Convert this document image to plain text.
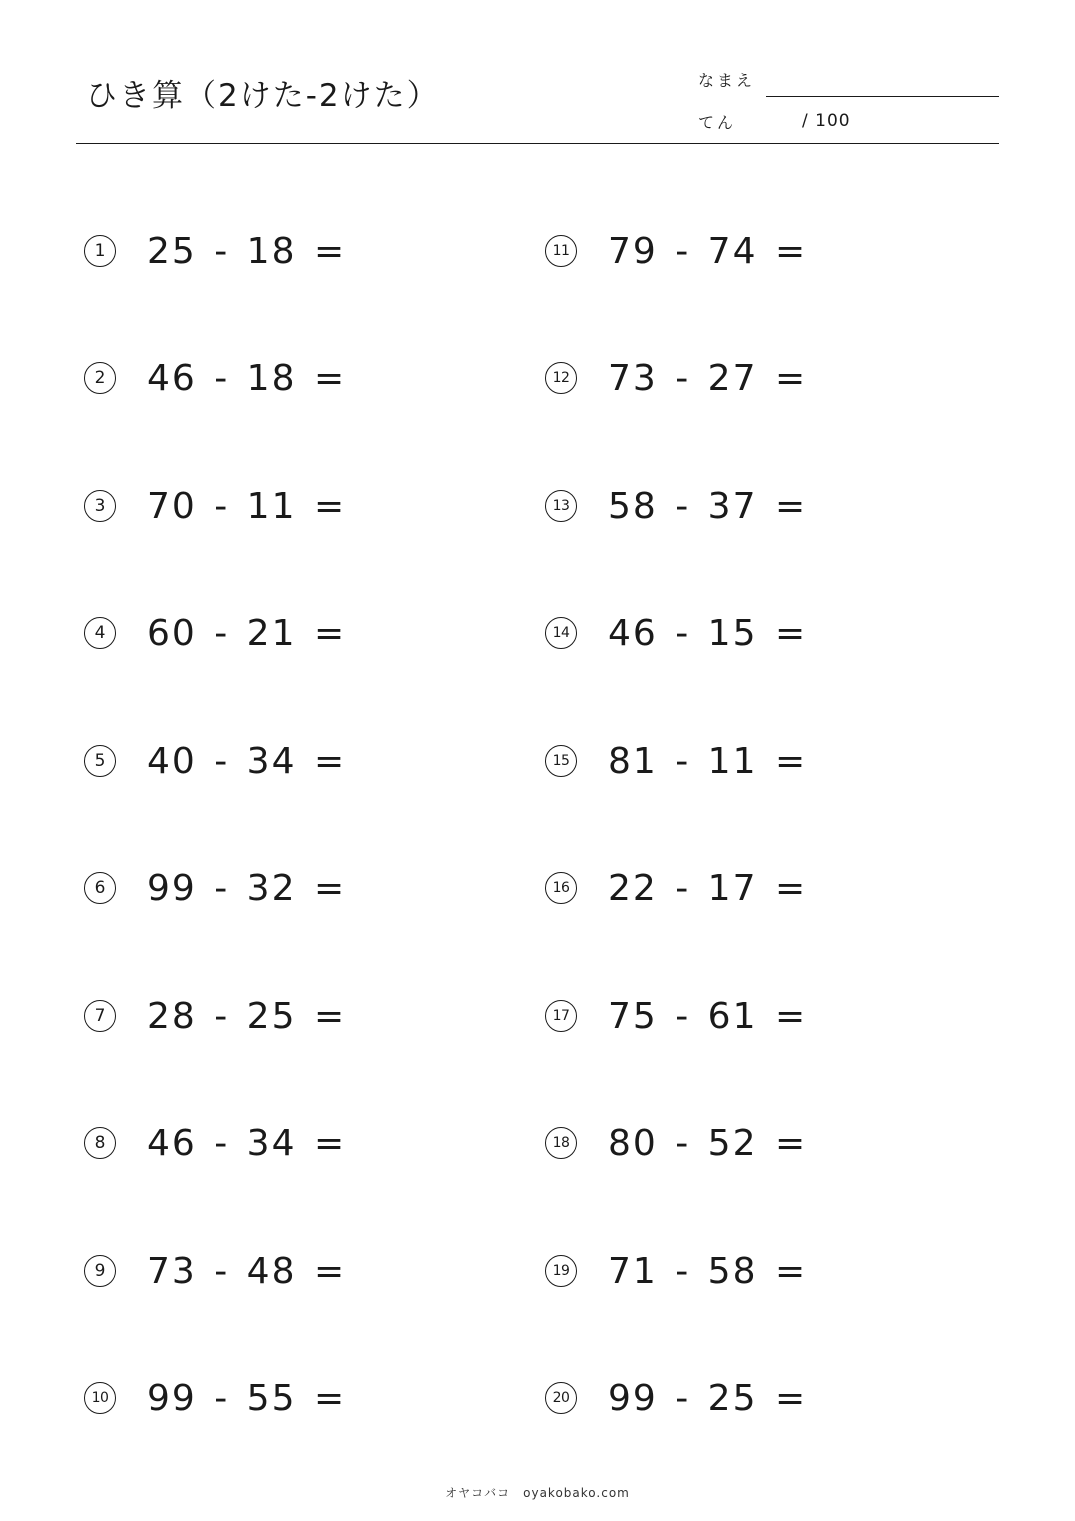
ひき算（2けた-2けた）	なまえ
てん	/ 100
1 25 - 18 =
2 46 - 18 =
3 70 - 11 =
4 60 - 21 =
5 40 - 34 =
6 99 - 32 =
7 28 - 25 =
8 46 - 34 =
9 73 - 48 =
10 99 - 55 =
11 79 - 74 =
12 73 - 27 =
13 58 - 37 =
14 46 - 15 =
15 81 - 11 =
16 22 - 17 =
17 75 - 61 =
18 80 - 52 =
19 71 - 58 =
20 99 - 25 =
オヤコバコ　oyakobako.com
